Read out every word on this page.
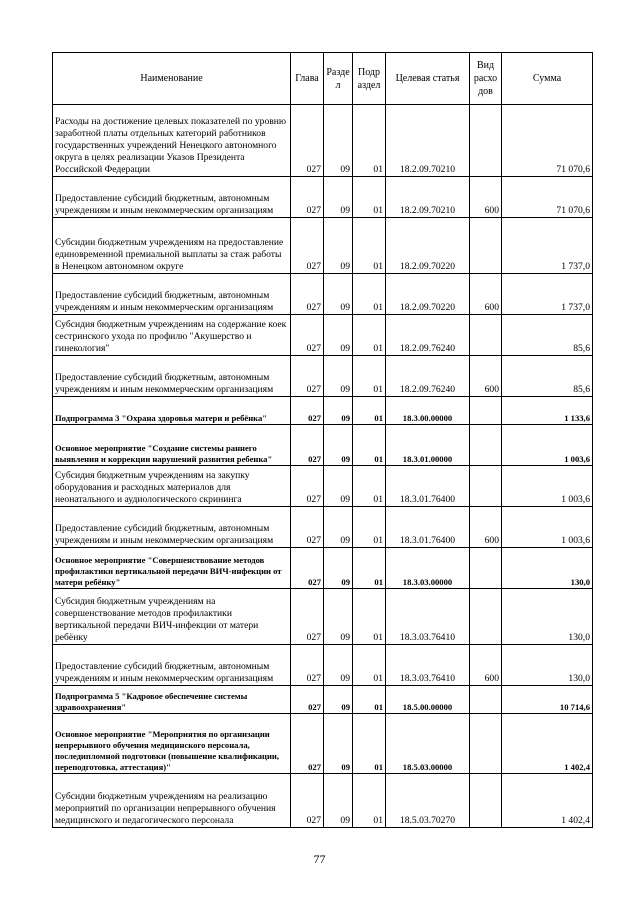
Наименование	Глава	Разде л	Подр аздел	Целевая статья	Вид расхо дов	Сумма
Расходы на достижение целевых показателей по уровню заработной платы отдельных категорий работников государственных учреждений Ненецкого автономного округа в целях реализации Указов Президента Российской Федерации	027	09	01	18.2.09.70210		71 070,6
Предоставление субсидий бюджетным, автономным учреждениям и иным некоммерческим организациям	027	09	01	18.2.09.70210	600	71 070,6
Субсидии бюджетным учреждениям на предоставление единовременной премиальной выплаты за стаж работы в Ненецком автономном округе	027	09	01	18.2.09.70220		1 737,0
Предоставление субсидий бюджетным, автономным учреждениям и иным некоммерческим организациям	027	09	01	18.2.09.70220	600	1 737,0
Субсидия бюджетным учреждениям на содержание коек сестринского ухода по профилю "Акушерство и гинекология"	027	09	01	18.2.09.76240		85,6
Предоставление субсидий бюджетным, автономным учреждениям и иным некоммерческим организациям	027	09	01	18.2.09.76240	600	85,6
Подпрограмма 3 "Охрана здоровья матери и ребёнка"	027	09	01	18.3.00.00000		1 133,6
Основное мероприятие "Создание системы раннего выявления и коррекции нарушений развития ребенка"	027	09	01	18.3.01.00000		1 003,6
Субсидия бюджетным учреждениям на закупку оборудования и расходных материалов для неонатального и аудиологического скрининга	027	09	01	18.3.01.76400		1 003,6
Предоставление субсидий бюджетным, автономным учреждениям и иным некоммерческим организациям	027	09	01	18.3.01.76400	600	1 003,6
Основное мероприятие "Совершенствование методов профилактики вертикальной передачи ВИЧ-инфекции от матери ребёнку"	027	09	01	18.3.03.00000		130,0
Субсидия бюджетным учреждениям на совершенствование методов профилактики вертикальной передачи ВИЧ-инфекции от матери ребёнку	027	09	01	18.3.03.76410		130,0
Предоставление субсидий бюджетным, автономным учреждениям и иным некоммерческим организациям	027	09	01	18.3.03.76410	600	130,0
Подпрограмма 5 "Кадровое обеспечение системы здравоохранения"	027	09	01	18.5.00.00000		10 714,6
Основное мероприятие "Мероприятия по организации непрерывного обучения медицинского персонала, последипломной подготовки (повышение квалификации, переподготовка, аттестация)"	027	09	01	18.5.03.00000		1 402,4
Субсидии бюджетным учреждениям на реализацию мероприятий по организации непрерывного обучения медицинского и педагогического персонала	027	09	01	18.5.03.70270		1 402,4
77
